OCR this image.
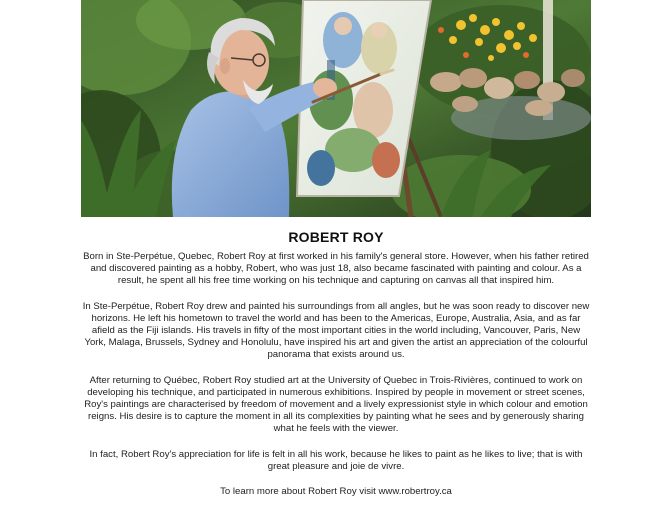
ROBERT ROY

Born in Ste-Perpétue, Quebec, Robert Roy at first worked in his family's general store. However, when his father retired and discovered painting as a hobby, Robert, who was just 18, also became fascinated with painting and colour. As a result, he spent all his free time working on his technique and capturing on canvas all that inspired him.

In Ste-Perpétue, Robert Roy drew and painted his surroundings from all angles, but he was soon ready to discover new horizons. He left his hometown to travel the world and has been to the Americas, Europe, Australia, Asia, and as far afield as the Fiji islands. His travels in fifty of the most important cities in the world including, Vancouver, Paris, New York, Malaga, Brussels, Sydney and Honolulu, have inspired his art and given the artist an appreciation of the colourful panorama that exists around us.

After returning to Québec, Robert Roy studied art at the University of Quebec in Trois-Rivières, continued to work on developing his technique, and participated in numerous exhibitions. Inspired by people in movement or street scenes, Roy's paintings are characterised by freedom of movement and a lively expressionist style in which colour and emotion reigns. His desire is to capture the moment in all its complexities by painting what he sees and by generously sharing what he feels with the viewer.

In fact, Robert Roy's appreciation for life is felt in all his work, because he likes to paint as he likes to live; that is with great pleasure and joie de vivre.

To learn more about Robert Roy visit www.robertroy.ca
